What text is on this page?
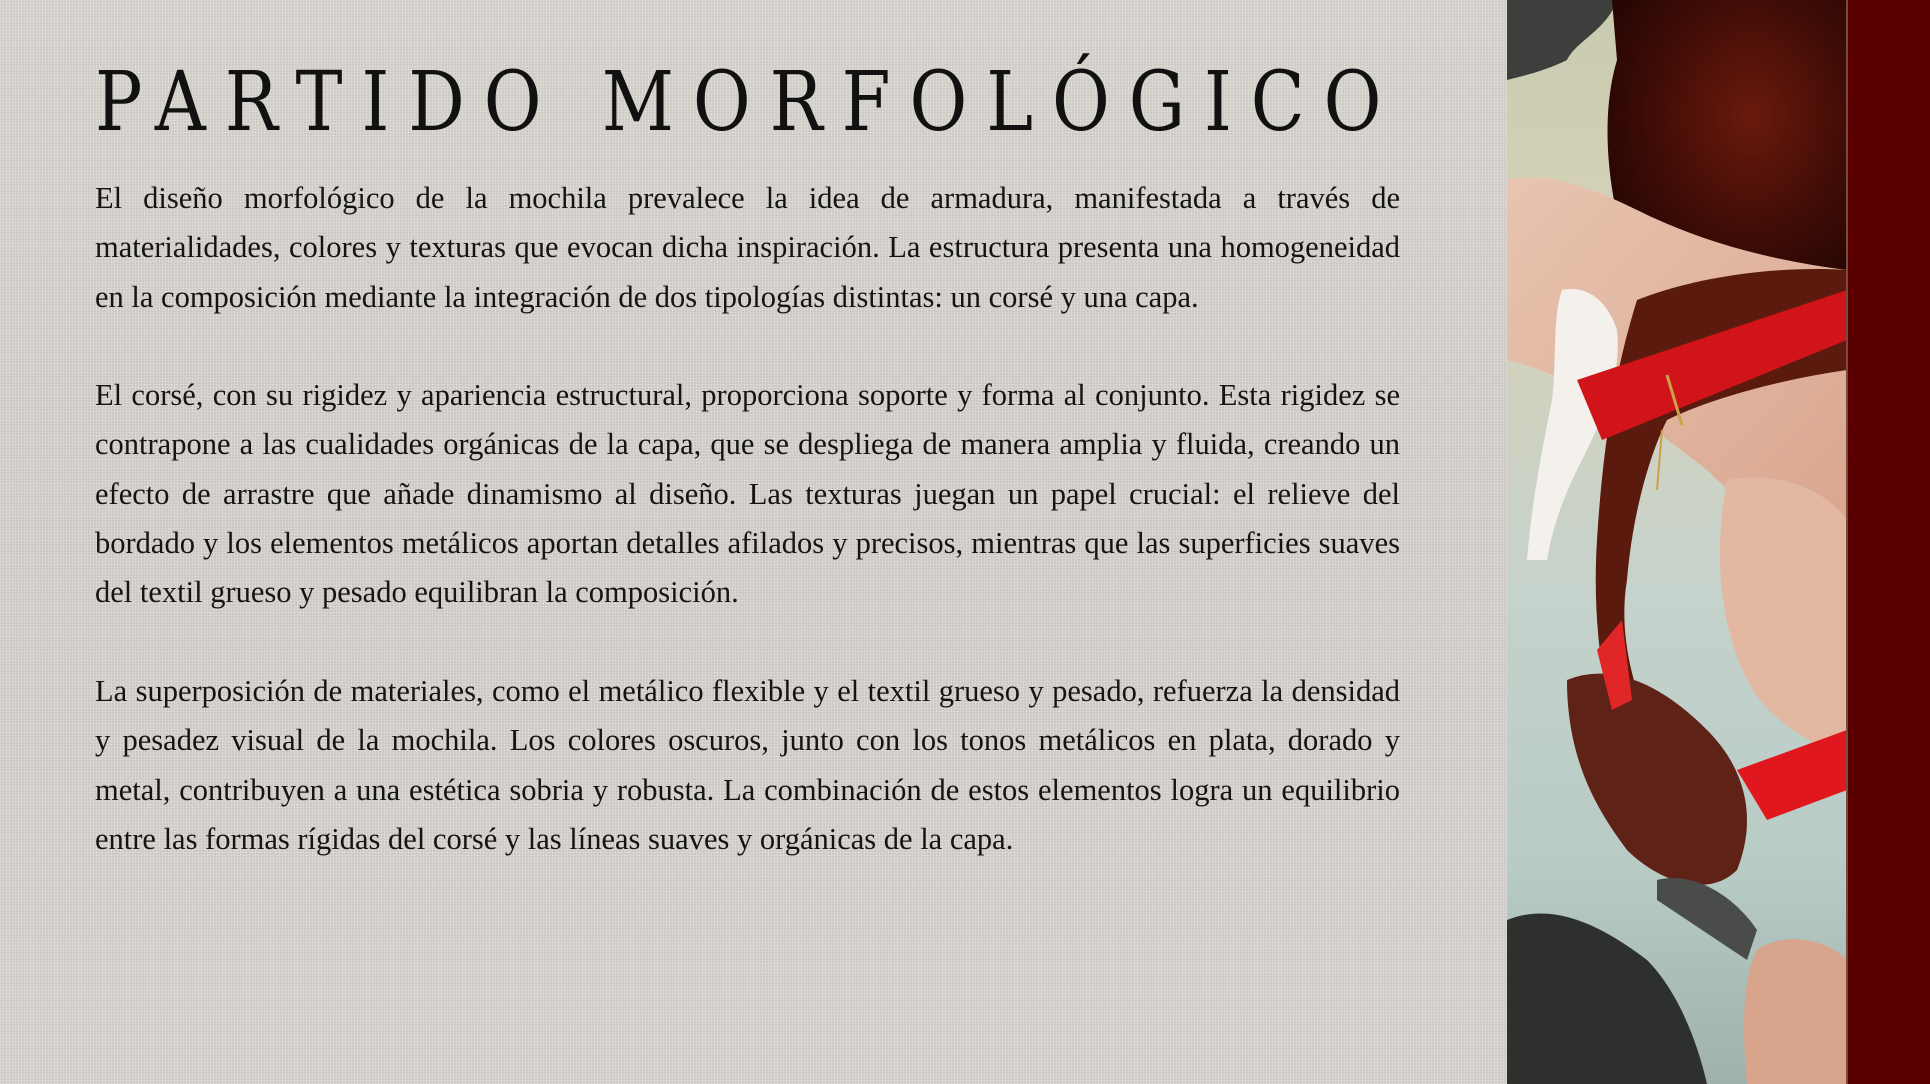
PARTIDO MORFOLÓGICO

El diseño morfológico de la mochila prevalece la idea de armadura, manifestada a través de materialidades, colores y texturas que evocan dicha inspiración. La estructura presenta una homogeneidad en la composición mediante la integración de dos tipologías distintas: un corsé y una capa.

El corsé, con su rigidez y apariencia estructural, proporciona soporte y forma al conjunto. Esta rigidez se contrapone a las cualidades orgánicas de la capa, que se despliega de manera amplia y fluida, creando un efecto de arrastre que añade dinamismo al diseño. Las texturas juegan un papel crucial: el relieve del bordado y los elementos metálicos aportan detalles afilados y precisos, mientras que las superficies suaves del textil grueso y pesado equilibran la composición.

La superposición de materiales, como el metálico flexible y el textil grueso y pesado, refuerza la densidad y pesadez visual de la mochila. Los colores oscuros, junto con los tonos metálicos en plata, dorado y metal, contribuyen a una estética sobria y robusta. La combinación de estos elementos logra un equilibrio entre las formas rígidas del corsé y las líneas suaves y orgánicas de la capa.
